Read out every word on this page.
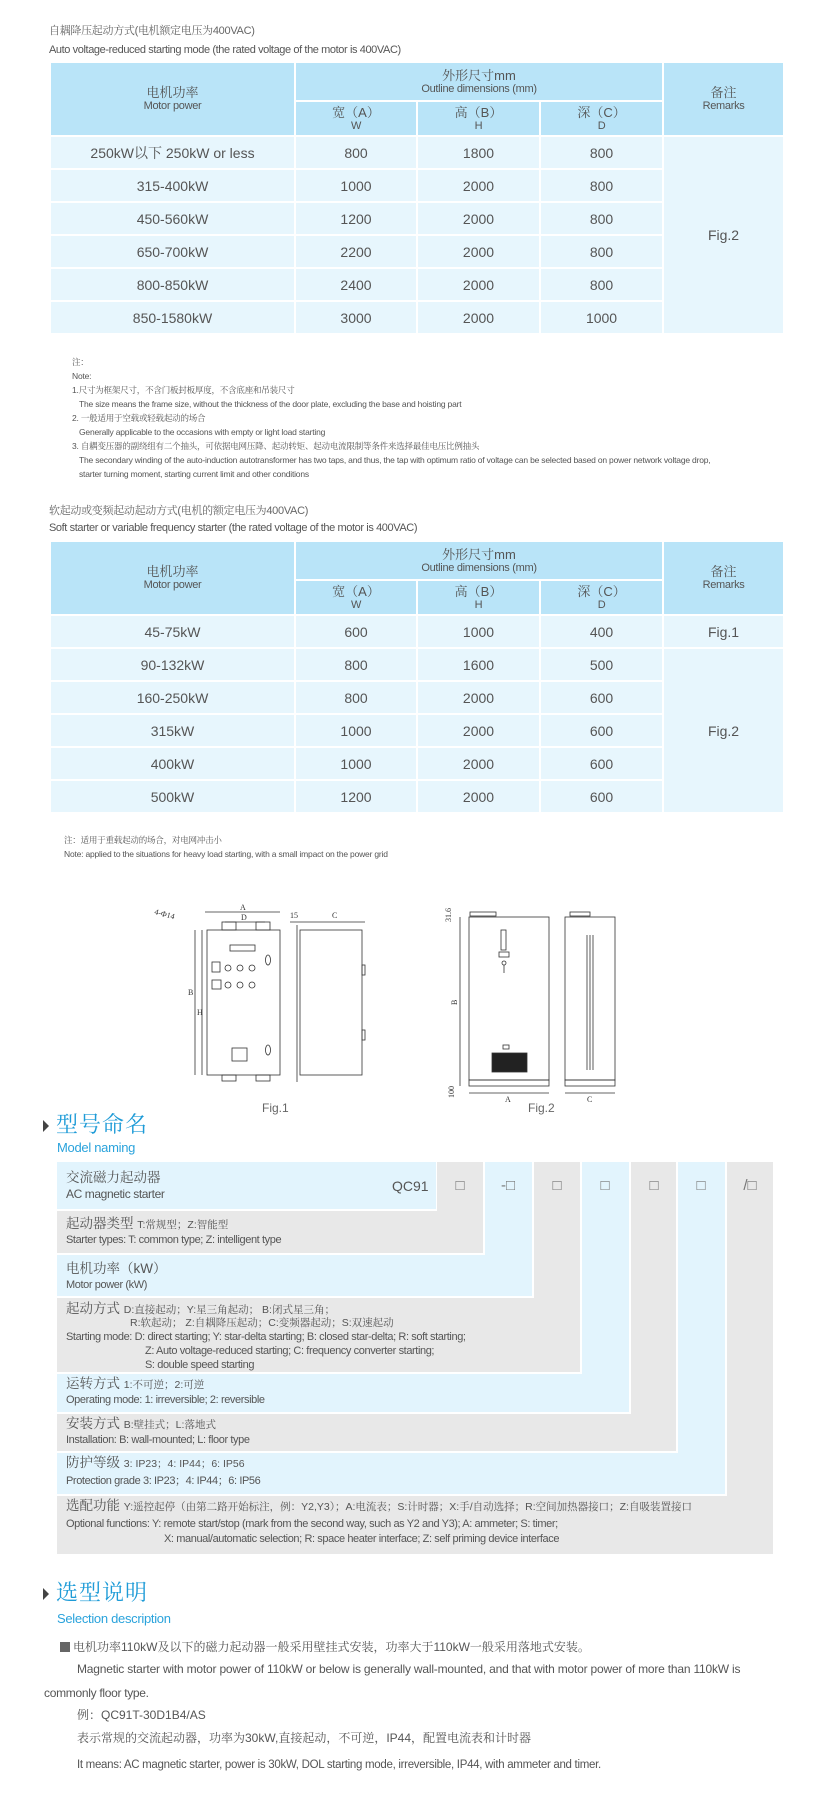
自耦降压起动方式(电机额定电压为400VAC)
Auto voltage-reduced starting mode (the rated voltage of the motor is 400VAC)
电机功率
Motor power	外形尺寸mm
Outline dimensions (mm)			备注
Remarks

	宽（A）
W	高（B）
H	深（C）
D	

250kW以下 250kW or less	800	1800	800	Fig.2
315-400kW	1000	2000	800	
450-560kW	1200	2000	800	
650-700kW	2200	2000	800	
800-850kW	2400	2000	800	
850-1580kW	3000	2000	1000	
注：
Note:
1.尺寸为框架尺寸，不含门板封板厚度，不含底座和吊装尺寸
The size means the frame size, without the thickness of the door plate, excluding the base and hoisting part
2. 一般适用于空载或轻载起动的场合
Generally applicable to the occasions with empty or light load starting
3. 自耦变压器的副绕组有二个抽头，可依据电网压降、起动转矩、起动电流限制等条件来选择最佳电压比例抽头
The secondary winding of the auto-induction autotransformer has two taps, and thus, the tap with optimum ratio of voltage can be selected based on power network voltage drop,
starter turning moment, starting current limit and other conditions
软起动或变频起动起动方式(电机的额定电压为400VAC)
Soft starter or variable frequency starter (the rated voltage of the motor is 400VAC)
电机功率
Motor power	外形尺寸mm
Outline dimensions (mm)			备注
Remarks

	宽（A）
W	高（B）
H	深（C）
D	

45-75kW	600	1000	400	Fig.1
90-132kW	800	1600	500	Fig.2
160-250kW	800	2000	600	
315kW	1000	2000	600	
400kW	1000	2000	600	
500kW	1200	2000	600	
注：适用于重载起动的场合，对电网冲击小
Note: applied to the situations for heavy load starting, with a small impact on the power grid
A
D
4-Φ14
B
H
15	C
Fig.1
31.6
B
100
A	C
Fig.2
型号命名
Model naming
交流磁力起动器
AC magnetic starter	QC91	□	-□	□	□	□	□	/□
起动器类型 T:常规型；Z:智能型
Starter types: T: common type; Z: intelligent type
电机功率（kW）
Motor power (kW)
起动方式 D:直接起动；Y:星三角起动； B:闭式星三角；
R:软起动； Z:自耦降压起动；C:变频器起动；S:双速起动
Starting mode: D: direct starting; Y: star-delta starting; B: closed star-delta; R: soft starting;
Z: Auto voltage-reduced starting; C: frequency converter starting;
S: double speed starting
运转方式 1:不可逆；2:可逆
Operating mode: 1: irreversible; 2: reversible
安装方式 B:壁挂式；L:落地式
Installation: B: wall-mounted; L: floor type
防护等级 3: IP23；4: IP44；6: IP56
Protection grade 3: IP23；4: IP44；6: IP56
选配功能 Y:遥控起停（由第二路开始标注，例：Y2,Y3）；A:电流表；S:计时器；X:手/自动选择；R:空间加热器接口；Z:自吸装置接口
Optional functions: Y: remote start/stop (mark from the second way, such as Y2 and Y3); A: ammeter; S: timer;
X: manual/automatic selection; R: space heater interface; Z: self priming device interface
选型说明
Selection description
电机功率110kW及以下的磁力起动器一般采用壁挂式安装，功率大于110kW一般采用落地式安装。
Magnetic starter with motor power of 110kW or below is generally wall-mounted, and that with motor power of more than 110kW is
commonly floor type.
例：QC91T-30D1B4/AS
表示常规的交流起动器，功率为30kW,直接起动，不可逆，IP44，配置电流表和计时器
It means: AC magnetic starter, power is 30kW, DOL starting mode, irreversible, IP44, with ammeter and timer.
